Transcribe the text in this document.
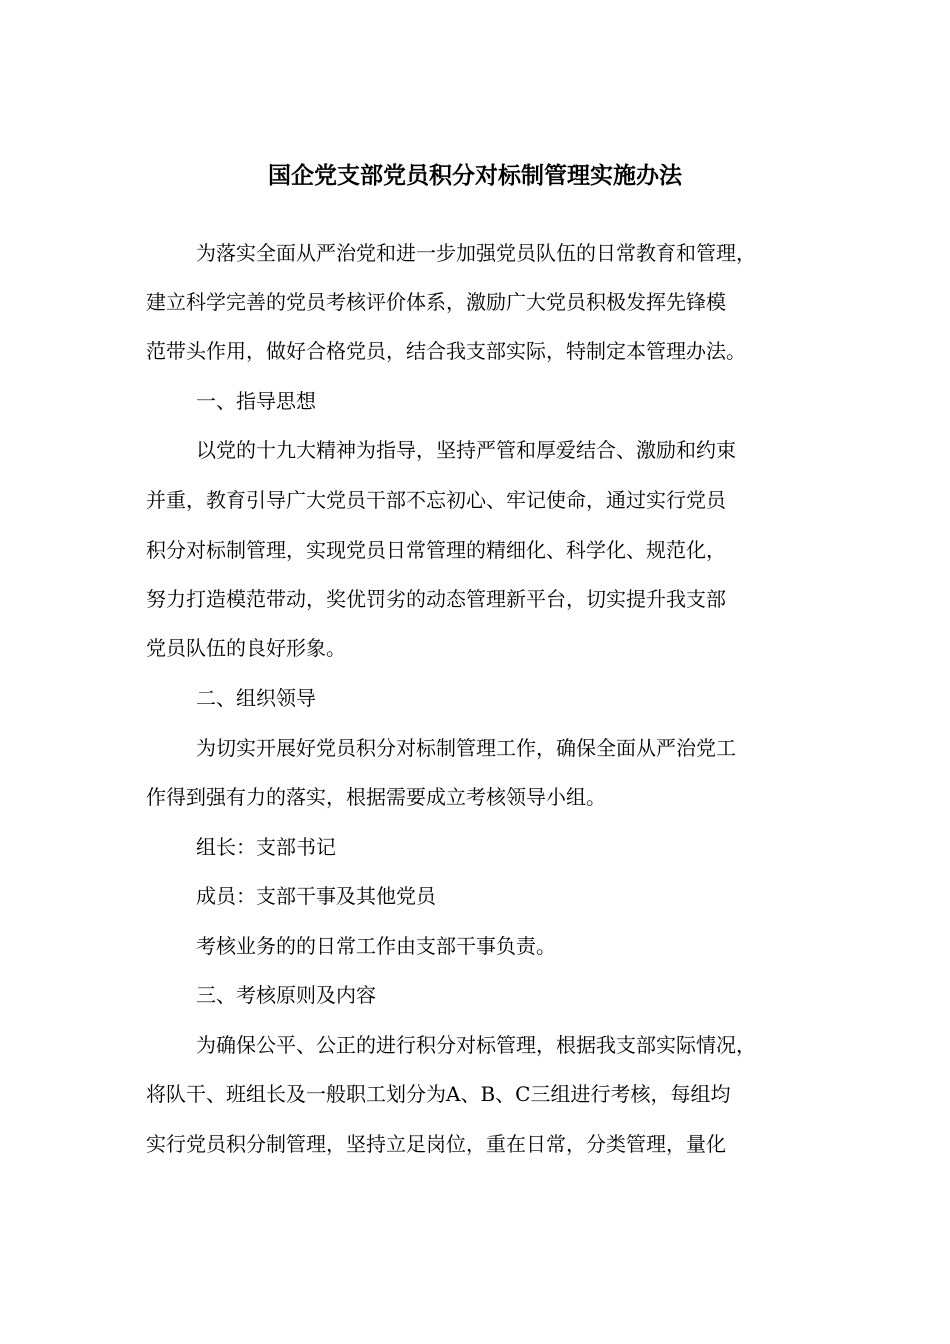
国企党支部党员积分对标制管理实施办法

为落实全面从严治党和进一步加强党员队伍的日常教育和管理，

建立科学完善的党员考核评价体系，激励广大党员积极发挥先锋模

范带头作用，做好合格党员，结合我支部实际，特制定本管理办法。

一、指导思想

以党的十九大精神为指导，坚持严管和厚爱结合、激励和约束

并重，教育引导广大党员干部不忘初心、牢记使命，通过实行党员

积分对标制管理，实现党员日常管理的精细化、科学化、规范化，

努力打造模范带动，奖优罚劣的动态管理新平台，切实提升我支部

党员队伍的良好形象。

二、组织领导

为切实开展好党员积分对标制管理工作，确保全面从严治党工

作得到强有力的落实，根据需要成立考核领导小组。

组长：支部书记

成员：支部干事及其他党员

考核业务的的日常工作由支部干事负责。

三、考核原则及内容

为确保公平、公正的进行积分对标管理，根据我支部实际情况，

将队干、班组长及一般职工划分为A、B、C三组进行考核，每组均

实行党员积分制管理，坚持立足岗位，重在日常，分类管理，量化
